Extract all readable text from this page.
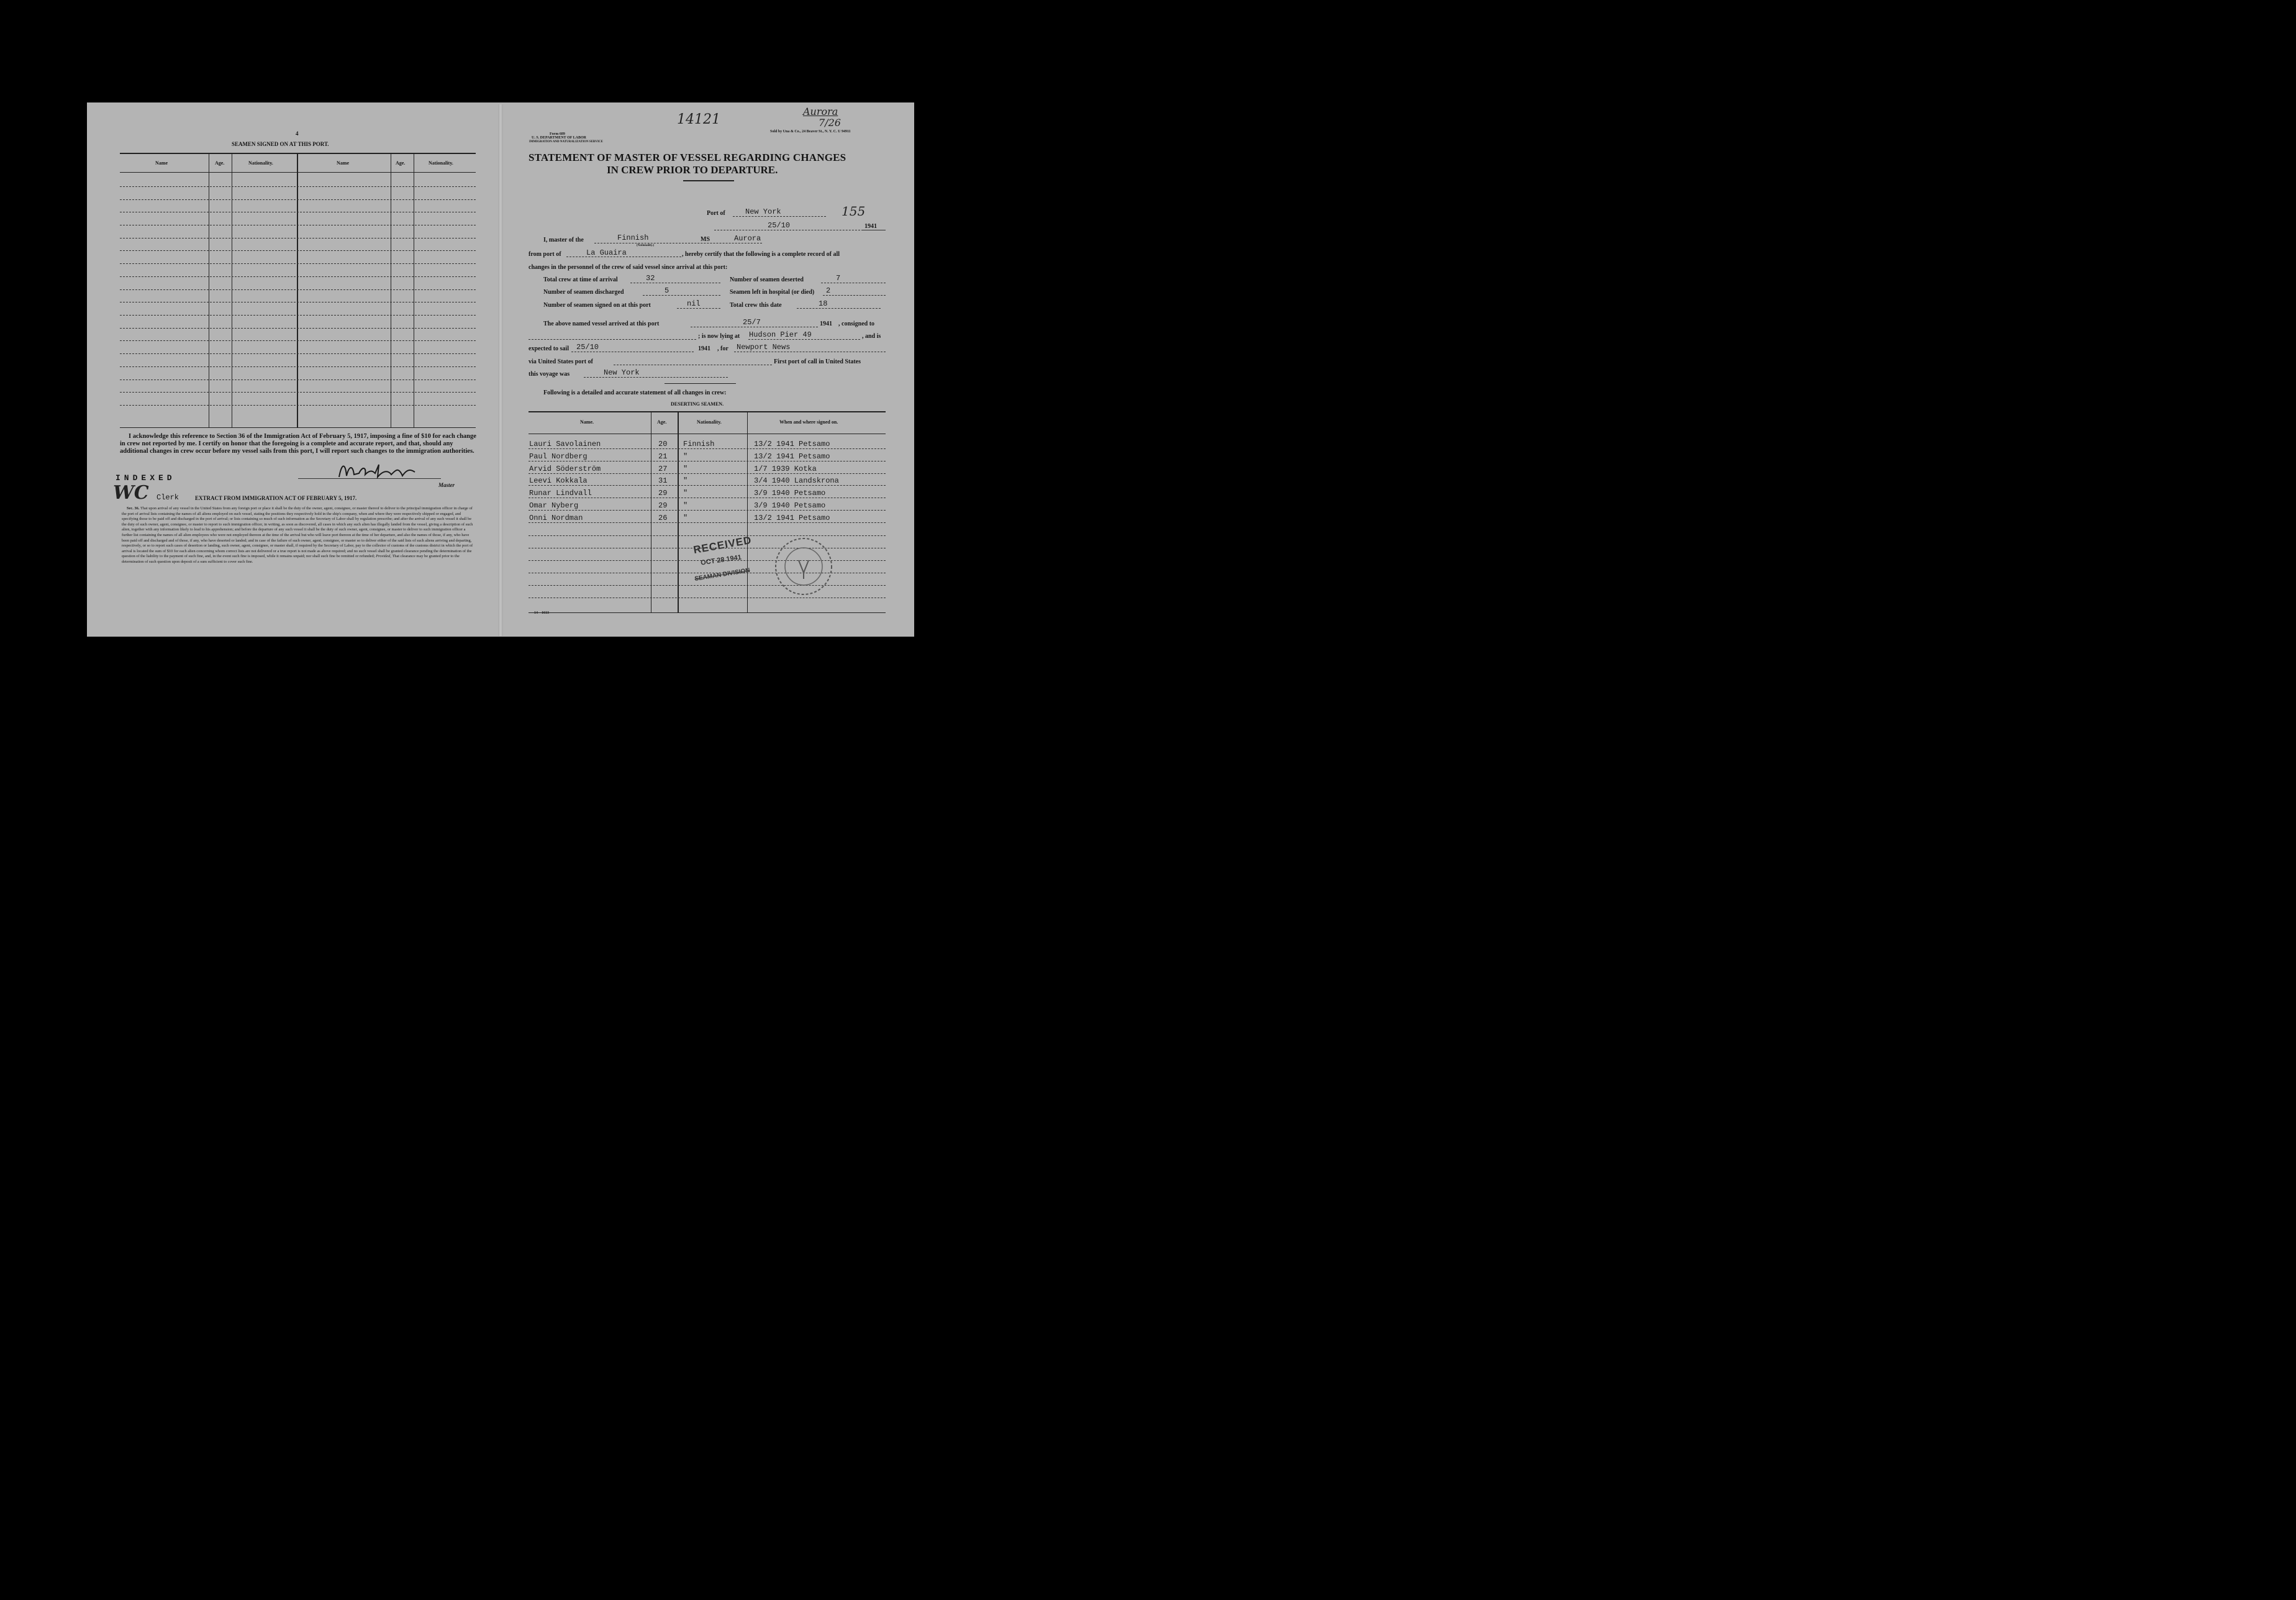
4
SEAMEN SIGNED ON AT THIS PORT.
Name	Age.	Nationality.	Name	Age.	Nationality.
I acknowledge this reference to Section 36 of the Immigration Act of February 5, 1917, imposing a fine of $10 for each change in crew not reported by me. I certify on honor that the foregoing is a complete and accurate report, and that, should any additional changes in crew occur before my vessel sails from this port, I will report such changes to the immigration authorities.
Master
INDEXED
WC Clerk	EXTRACT FROM IMMIGRATION ACT OF FEBRUARY 5, 1917.
Sec. 36. That upon arrival of any vessel in the United States from any foreign port or place it shall be the duty of the owner, agent, consignee, or master thereof to deliver to the principal immigration officer in charge of the port of arrival lists containing the names of all aliens employed on such vessel, stating the positions they respectively hold in the ship's company, when and where they were respectively shipped or engaged, and specifying those to be paid off and discharged in the port of arrival; or lists containing so much of such information as the Secretary of Labor shall by regulation prescribe; and after the arrival of any such vessel it shall be the duty of such owner, agent, consignee, or master to report to such immigration officer, in writing, as soon as discovered, all cases in which any such alien has illegally landed from the vessel, giving a description of such alien, together with any information likely to lead to his apprehension; and before the departure of any such vessel it shall be the duty of such owner, agent, consignee, or master to deliver to such immigration officer a further list containing the names of all alien employees who were not employed thereon at the time of the arrival but who will leave port thereon at the time of her departure, and also the names of those, if any, who have been paid off and discharged and of those, if any, who have deserted or landed; and in case of the failure of such owner, agent, consignee, or master so to deliver either of the said lists of such aliens arriving and departing, respectively, or so to report such cases of desertion or landing, such owner, agent, consignee, or master shall, if required by the Secretary of Labor, pay to the collector of customs of the customs district in which the port of arrival is located the sum of $10 for each alien concerning whom correct lists are not delivered or a true report is not made as above required; and no such vessel shall be granted clearance pending the determination of the question of the liability to the payment of such fine, and, in the event such fine is imposed, while it remains unpaid; nor shall such fine be remitted or refunded; Provided, That clearance may be granted prior to the determination of such question upon deposit of a sum sufficient to cover such fine.
Form 689
U. S. DEPARTMENT OF LABOR
IMMIGRATION AND NATURALIZATION SERVICE
14121
Aurora
7/26
Sold by Una & Co., 24 Beaver St., N. Y. C. U 94911
STATEMENT OF MASTER OF VESSEL REGARDING CHANGES
IN CREW PRIOR TO DEPARTURE.
Port of	New York	155
25/10	1941
I, master of the	Finnish
(Nationality.)
MS	Aurora
from port of	La Guaira	, hereby certify that the following is a complete record of all
changes in the personnel of the crew of said vessel since arrival at this port:
Total crew at time of arrival	32	Number of seamen deserted	7
Number of seamen discharged	5	Seamen left in hospital (or died) 2
Number of seamen signed on at this port	nil	Total crew this date	18
The above named vessel arrived at this port	25/7	1941 , consigned to
; is now lying at Hudson Pier 49	, and is
expected to sail 25/10	1941 , for Newport News
via United States port of	First port of call in United States
this voyage was	New York
Following is a detailed and accurate statement of all changes in crew:
DESERTING SEAMEN.
Name.	Age.	Nationality.	When and where signed on.
Lauri Savolainen	20 Finnish	13/2 1941 Petsamo
Paul Nordberg	21 "	13/2 1941 Petsamo
Arvid Söderström	27 "	1/7 1939 Kotka
Leevi Kokkala	31 "	3/4 1940 Landskrona
Runar Lindvall	29 "	3/9 1940 Petsamo
Omar Nyberg	29 "	3/9 1940 Petsamo
Onni Nordman	26 "	13/2 1941 Petsamo
RECEIVED
OCT 28 1941
SEAMAN DIVISION
14—1613
